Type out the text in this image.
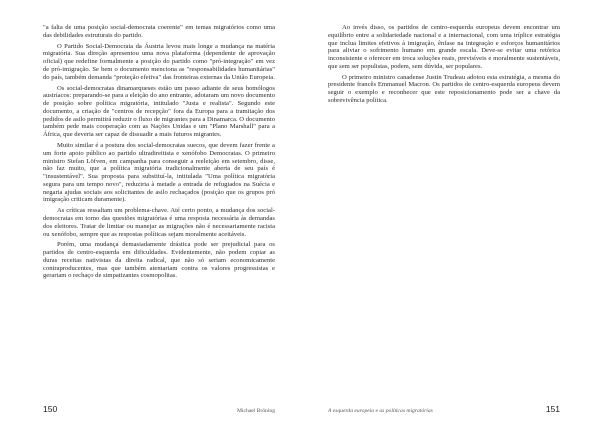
"a falta de uma posição social-democrata coerente" em temas migratórios como uma das debilidades estruturais do partido.

O Partido Social-Democrata da Áustria levou mais longe a mudança na matéria migratória. Sua direção apresentou uma nova plataforma (dependente de aprovação oficial) que redefine formalmente a posição do partido como "pró-integração" em vez de pró-imigração. Se bem o documento menciona as "responsabilidades humanitárias" do país, também demanda "proteção efetiva" das fronteiras externas da União Europeia.

Os social-democratas dinamarqueses estão um passo adiante de seus homólogos austríacos: preparando-se para a eleição do ano entrante, adotaram um novo documento de posição sobre política migratória, intitulado "Justa e realista". Segundo este documento, a criação de "centros de recepção" fora da Europa para a tramitação dos pedidos de asilo permitirá reduzir o fluxo de migrantes para a Dinamarca. O documento também pede mais cooperação com as Nações Unidas e um "Plano Marshall" para a África, que deveria ser capaz de dissuadir a mais futuros migrantes.

Muito similar é a postura dos social-democratas suecos, que devem fazer frente a um forte apoio público ao partido ultradireitista e xenófobo Democratas. O primeiro ministro Stefan Löfven, em campanha para conseguir a reeleição em setembro, disse, não faz muito, que a política migratória tradicionalmente aberta de seu país é "insustentável". Sua proposta para substituí-la, intitulada "Uma política migratória segura para um tempo novo", reduziria à metade a entrada de refugiados na Suécia e negaria ajudas sociais aos solicitantes de asilo rechaçados (posição que os grupos pró imigração criticam duramente).

As críticas ressaltam um problema-chave. Até certo ponto, a mudança dos social-democratas em torno das questões migratórias é uma resposta necessária às demandas dos eleitores. Tratar de limitar ou manejar as migrações não é necessariamente racista ou xenófobo, sempre que as respostas políticas sejam moralmente aceitáveis.

Porém, uma mudança demasiadamente drástica pode ser prejudicial para os partidos de centro-esquerda em dificuldades. Evidentemente, não podem copiar as duras receitas nativistas da direita radical, que não só seriam economicamente contraproducentes, mas que também atentariam contra os valores progressistas e gerariam o rechaço de simpatizantes cosmopolitas.

150	Michael Bröning

Ao invés disso, os partidos de centro-esquerda europeus devem encontrar um equilíbrio entre a solidariedade nacional e a internacional, com uma tríplice estratégia que inclua limites efetivos à imigração, ênfase na integração e esforços humanitários para aliviar o sofrimento humano em grande escala. Deve-se evitar uma retórica inconsistente e oferecer em troca soluções reais, previsíveis e moralmente sustentáveis, que sem ser populistas, podem, sem dúvida, ser populares.

O primeiro ministro canadense Justin Trudeau adotou esta estratégia, a mesma do presidente francês Emmanuel Macron. Os partidos de centro-esquerda europeus devem seguir o exemplo e reconhecer que este reposicionamento pode ser a chave da sobrevivência política.

A esquerda europeia e as políticas migratórias	151
